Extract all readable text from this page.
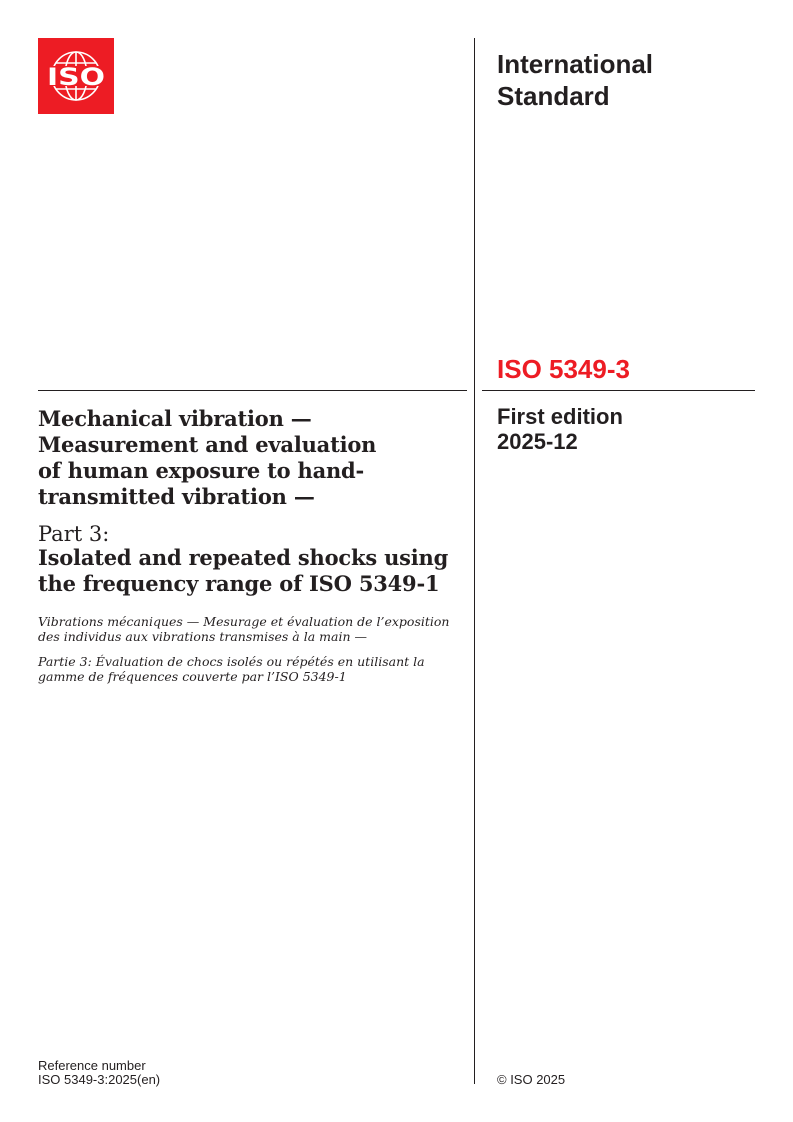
ISO	International
Standard
ISO 5349-3
First edition
2025-12
Mechanical vibration —
Measurement and evaluation
of human exposure to hand-
transmitted vibration —
Part 3:
Isolated and repeated shocks using
the frequency range of ISO 5349-1
Vibrations mécaniques — Mesurage et évaluation de l’exposition
des individus aux vibrations transmises à la main —
Partie 3: Évaluation de chocs isolés ou répétés en utilisant la
gamme de fréquences couverte par l’ISO 5349-1
Reference number
ISO 5349-3:2025(en)	© ISO 2025
